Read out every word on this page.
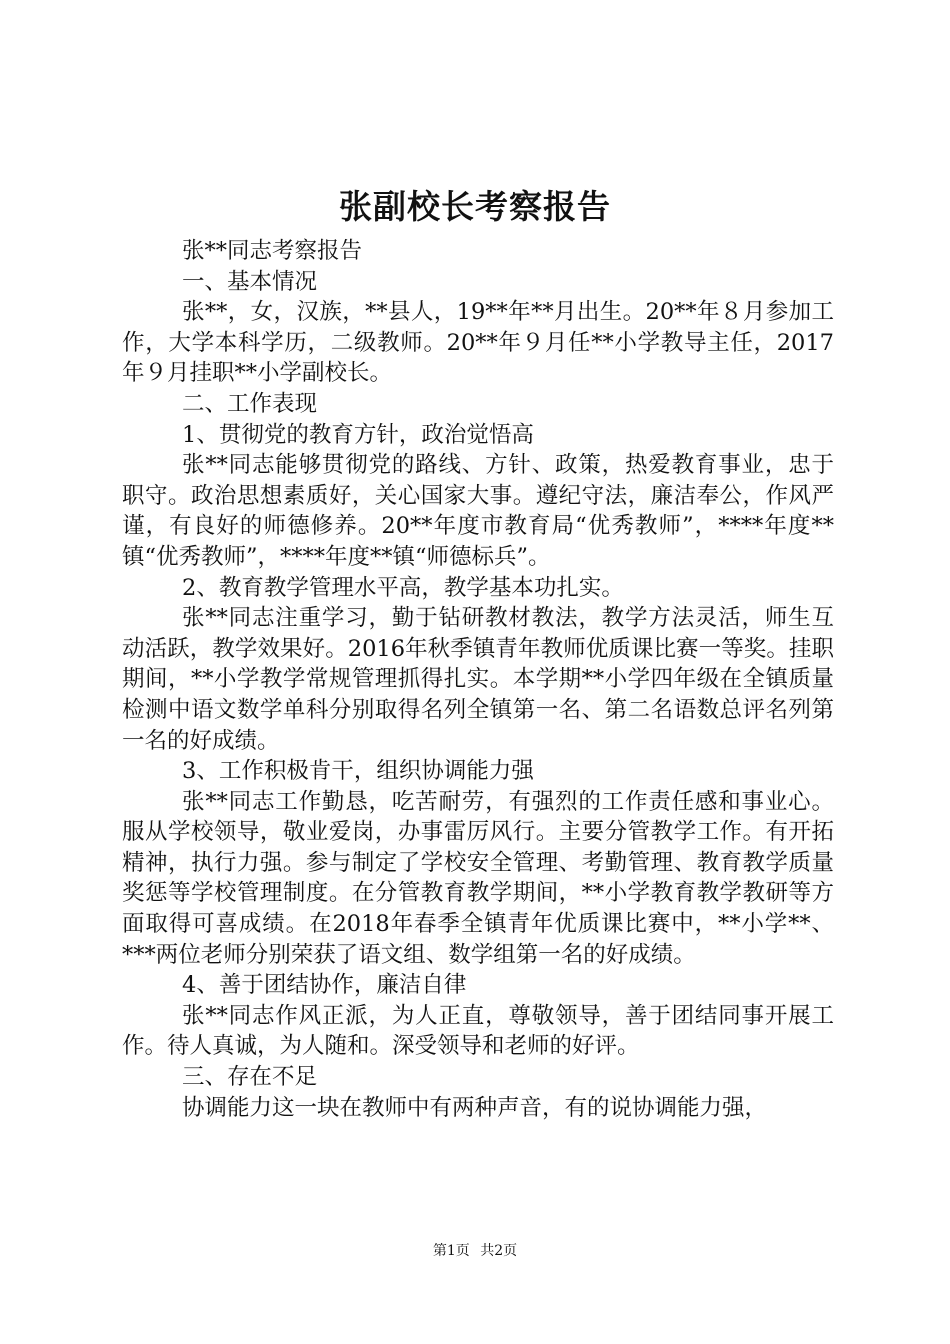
张副校长考察报告

张**同志考察报告

一、基本情况

张**，女，汉族，**县人，19**年**月出生。20**年８月参加工作，大学本科学历，二级教师。20**年９月任**小学教导主任，2017年９月挂职**小学副校长。

二、工作表现

1、贯彻党的教育方针，政治觉悟高

张**同志能够贯彻党的路线、方针、政策，热爱教育事业，忠于职守。政治思想素质好，关心国家大事。遵纪守法，廉洁奉公，作风严谨，有良好的师德修养。20**年度市教育局“优秀教师”，****年度**镇“优秀教师”，****年度**镇“师德标兵”。

2、教育教学管理水平高，教学基本功扎实。

张**同志注重学习，勤于钻研教材教法，教学方法灵活，师生互动活跃，教学效果好。2016年秋季镇青年教师优质课比赛一等奖。挂职期间，**小学教学常规管理抓得扎实。本学期**小学四年级在全镇质量检测中语文数学单科分别取得名列全镇第一名、第二名语数总评名列第一名的好成绩。

3、工作积极肯干，组织协调能力强

张**同志工作勤恳，吃苦耐劳，有强烈的工作责任感和事业心。服从学校领导，敬业爱岗，办事雷厉风行。主要分管教学工作。有开拓精神，执行力强。参与制定了学校安全管理、考勤管理、教育教学质量奖惩等学校管理制度。在分管教育教学期间，**小学教育教学教研等方面取得可喜成绩。在2018年春季全镇青年优质课比赛中，**小学**、***两位老师分别荣获了语文组、数学组第一名的好成绩。

4、善于团结协作，廉洁自律

张**同志作风正派，为人正直，尊敬领导，善于团结同事开展工作。待人真诚，为人随和。深受领导和老师的好评。

三、存在不足

协调能力这一块在教师中有两种声音，有的说协调能力强，

第1页 共2页
